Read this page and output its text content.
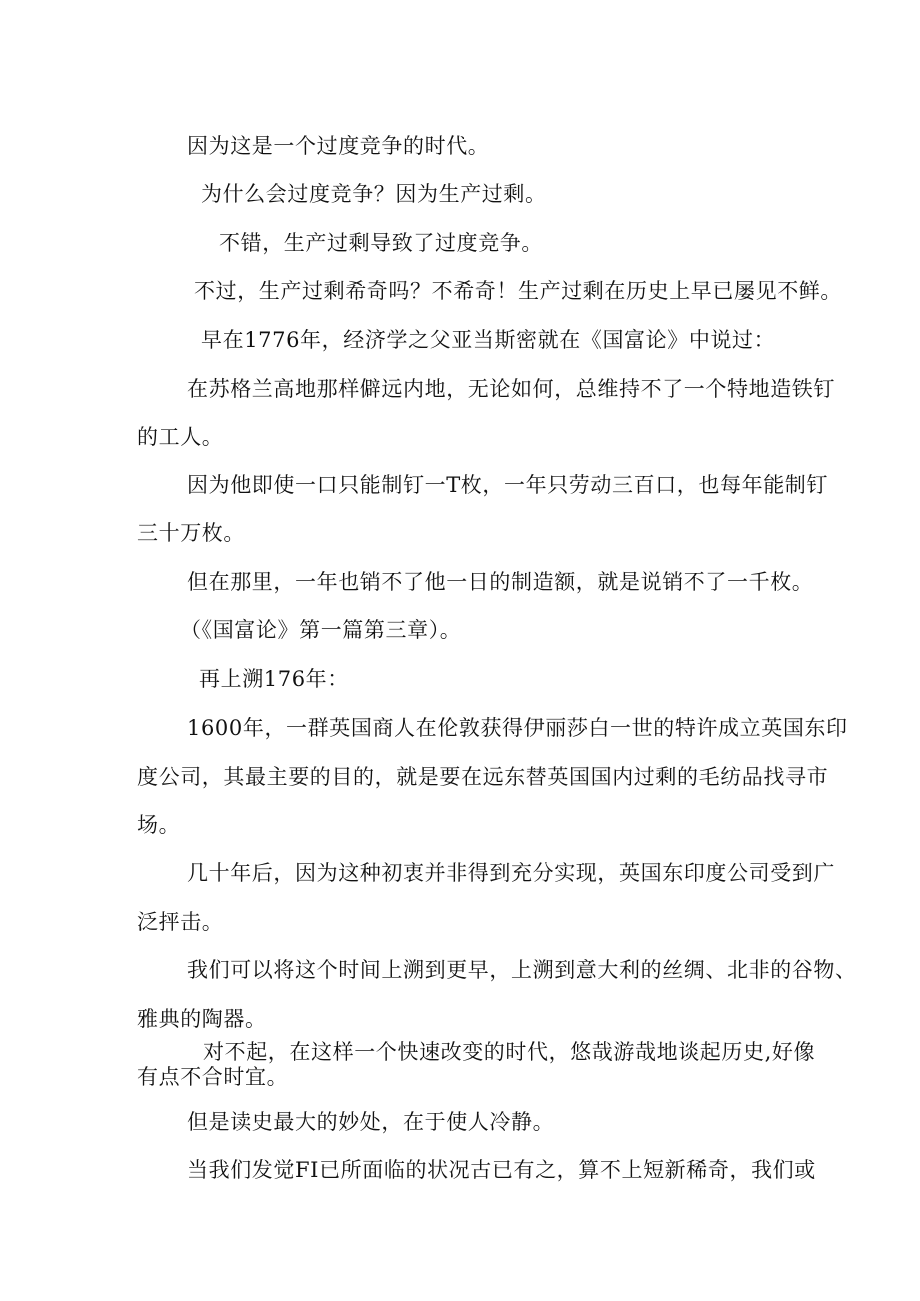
因为这是一个过度竞争的时代。
为什么会过度竞争？因为生产过剩。
不错，生产过剩导致了过度竞争。
不过，生产过剩希奇吗？不希奇！生产过剩在历史上早已屡见不鲜。
早在1776年，经济学之父亚当斯密就在《国富论》中说过：
在苏格兰高地那样僻远内地，无论如何，总维持不了一个特地造铁钉
的工人。
因为他即使一口只能制钉一T枚，一年只劳动三百口，也每年能制钉
三十万枚。
但在那里，一年也销不了他一日的制造额，就是说销不了一千枚。
（《国富论》第一篇第三章）。
再上溯176年：
1600年，一群英国商人在伦敦获得伊丽莎白一世的特许成立英国东印
度公司，其最主要的目的，就是要在远东替英国国内过剩的毛纺品找寻市
场。
几十年后，因为这种初衷并非得到充分实现，英国东印度公司受到广
泛抨击。
我们可以将这个时间上溯到更早，上溯到意大利的丝绸、北非的谷物、
雅典的陶器。
对不起，在这样一个快速改变的时代，悠哉游哉地谈起历史,好像
有点不合时宜。
但是读史最大的妙处，在于使人冷静。
当我们发觉FI已所面临的状况古已有之，算不上短新稀奇，我们或
